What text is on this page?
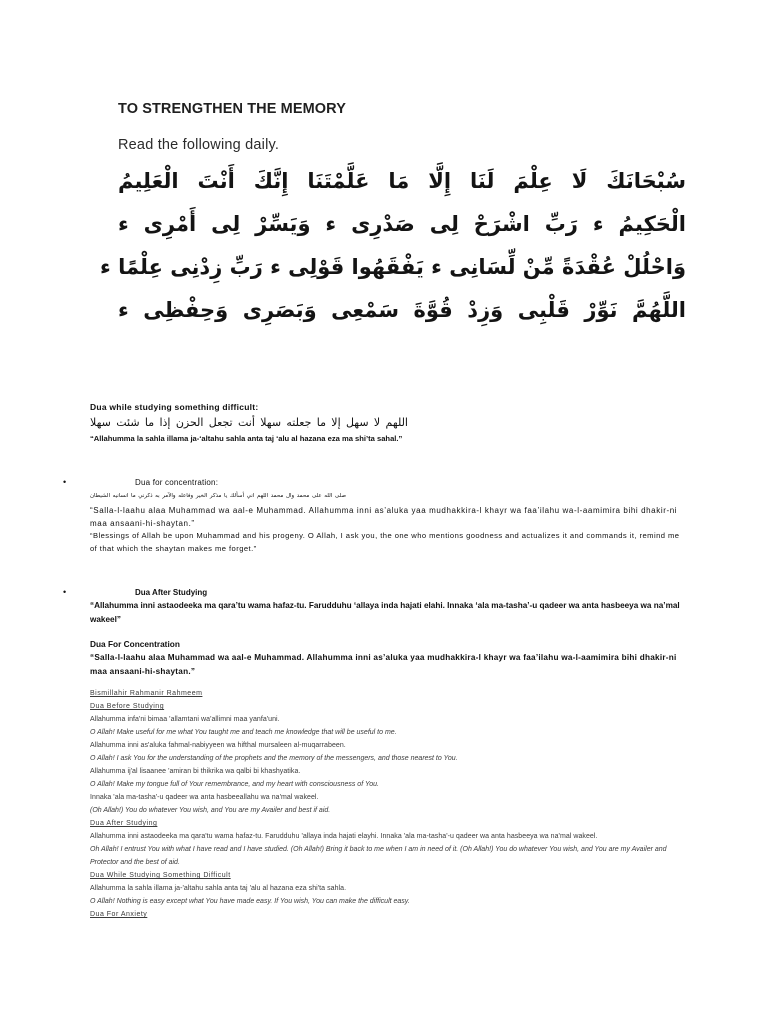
TO STRENGTHEN THE MEMORY
Read the following daily.
سُبْحَانَكَ لَا عِلْمَ لَنَا إِلَّا مَا عَلَّمْتَنَا إِنَّكَ أَنْتَ الْعَلِيمُ
الْحَكِيمُ ء رَبِّ اشْرَحْ لِى صَدْرِى ء وَيَسِّرْ لِى أَمْرِى ء
وَاحْلُلْ عُقْدَةً مِّنْ لِّسَانِى ء يَفْقَهُوا قَوْلِى ء رَبِّ زِدْنِى عِلْمًا ء
اللَّهُمَّ نَوِّرْ قَلْبِى وَزِدْ قُوَّةَ سَمْعِى وَبَصَرِى وَحِفْظِى ء
Dua while studying something difficult:
اللهم لا سهل إلا ما جعلته سهلا أنت تجعل الحزن إذا ما شئت سهلا
“Allahumma la sahla illama ja-‘altahu sahla anta taj ‘alu al hazana eza ma shi’ta sahal.”
•	Dua for concentration:
صلى الله على محمد وال محمد اللهم اني أسألك يا مذكر الخير وفاعله والآمر به ذكرني ما انسانيه الشيطان
“Salla-l-laahu alaa Muhammad wa aal-e Muhammad. Allahumma inni as’aluka yaa mudhakkira-l khayr wa faa’ilahu wa-l-aamimira bihi dhakir-ni maa ansaani-hi-shaytan.”
“Blessings of Allah be upon Muhammad and his progeny. O Allah, I ask you, the one who mentions goodness and actualizes it and commands it, remind me of that which the shaytan makes me forget.”
•	Dua After Studying
“Allahumma inni astaodeeka ma qara’tu wama hafaz-tu. Farudduhu ‘allaya inda hajati elahi. Innaka ‘ala ma-tasha’-u qadeer wa anta hasbeeya wa na’mal wakeel”
Dua For Concentration
“Salla-l-laahu alaa Muhammad wa aal-e Muhammad. Allahumma inni as’aluka yaa mudhakkira-l khayr wa faa’ilahu wa-l-aamimira bihi dhakir-ni maa ansaani-hi-shaytan.”
Bismillahir Rahmanir Rahmeem
Dua Before Studying
Allahumma infa'ni bimaa 'allamtani wa'allimni maa yanfa'uni.
O Allah! Make useful for me what You taught me and teach me knowledge that will be useful to me.
Allahumma inni as'aluka fahmal-nabiyyeen wa hifthal mursaleen al-muqarrabeen.
O Allah! I ask You for the understanding of the prophets and the memory of the messengers, and those nearest to You.
Allahumma ij'al lisaanee 'amiran bi thikrika wa qalbi bi khashyatika.
O Allah! Make my tongue full of Your remembrance, and my heart with consciousness of You.
Innaka 'ala ma-tasha'-u qadeer wa anta hasbeeallahu wa na'mal wakeel.
(Oh Allah!) You do whatever You wish, and You are my Availer and best if aid.
Dua After Studying
Allahumma inni astaodeeka ma qara'tu wama hafaz-tu. Farudduhu 'allaya inda hajati elayhi. Innaka 'ala ma-tasha'-u qadeer wa anta hasbeeya wa na'mal wakeel.
Oh Allah! I entrust You with what I have read and I have studied. (Oh Allah!) Bring it back to me when I am in need of it. (Oh Allah!) You do whatever You wish, and You are my Availer and Protector and the best of aid.
Dua While Studying Something Difficult
Allahumma la sahla illama ja-'altahu sahla anta taj 'alu al hazana eza shi'ta sahla.
O Allah! Nothing is easy except what You have made easy. If You wish, You can make the difficult easy.
Dua For Anxiety
